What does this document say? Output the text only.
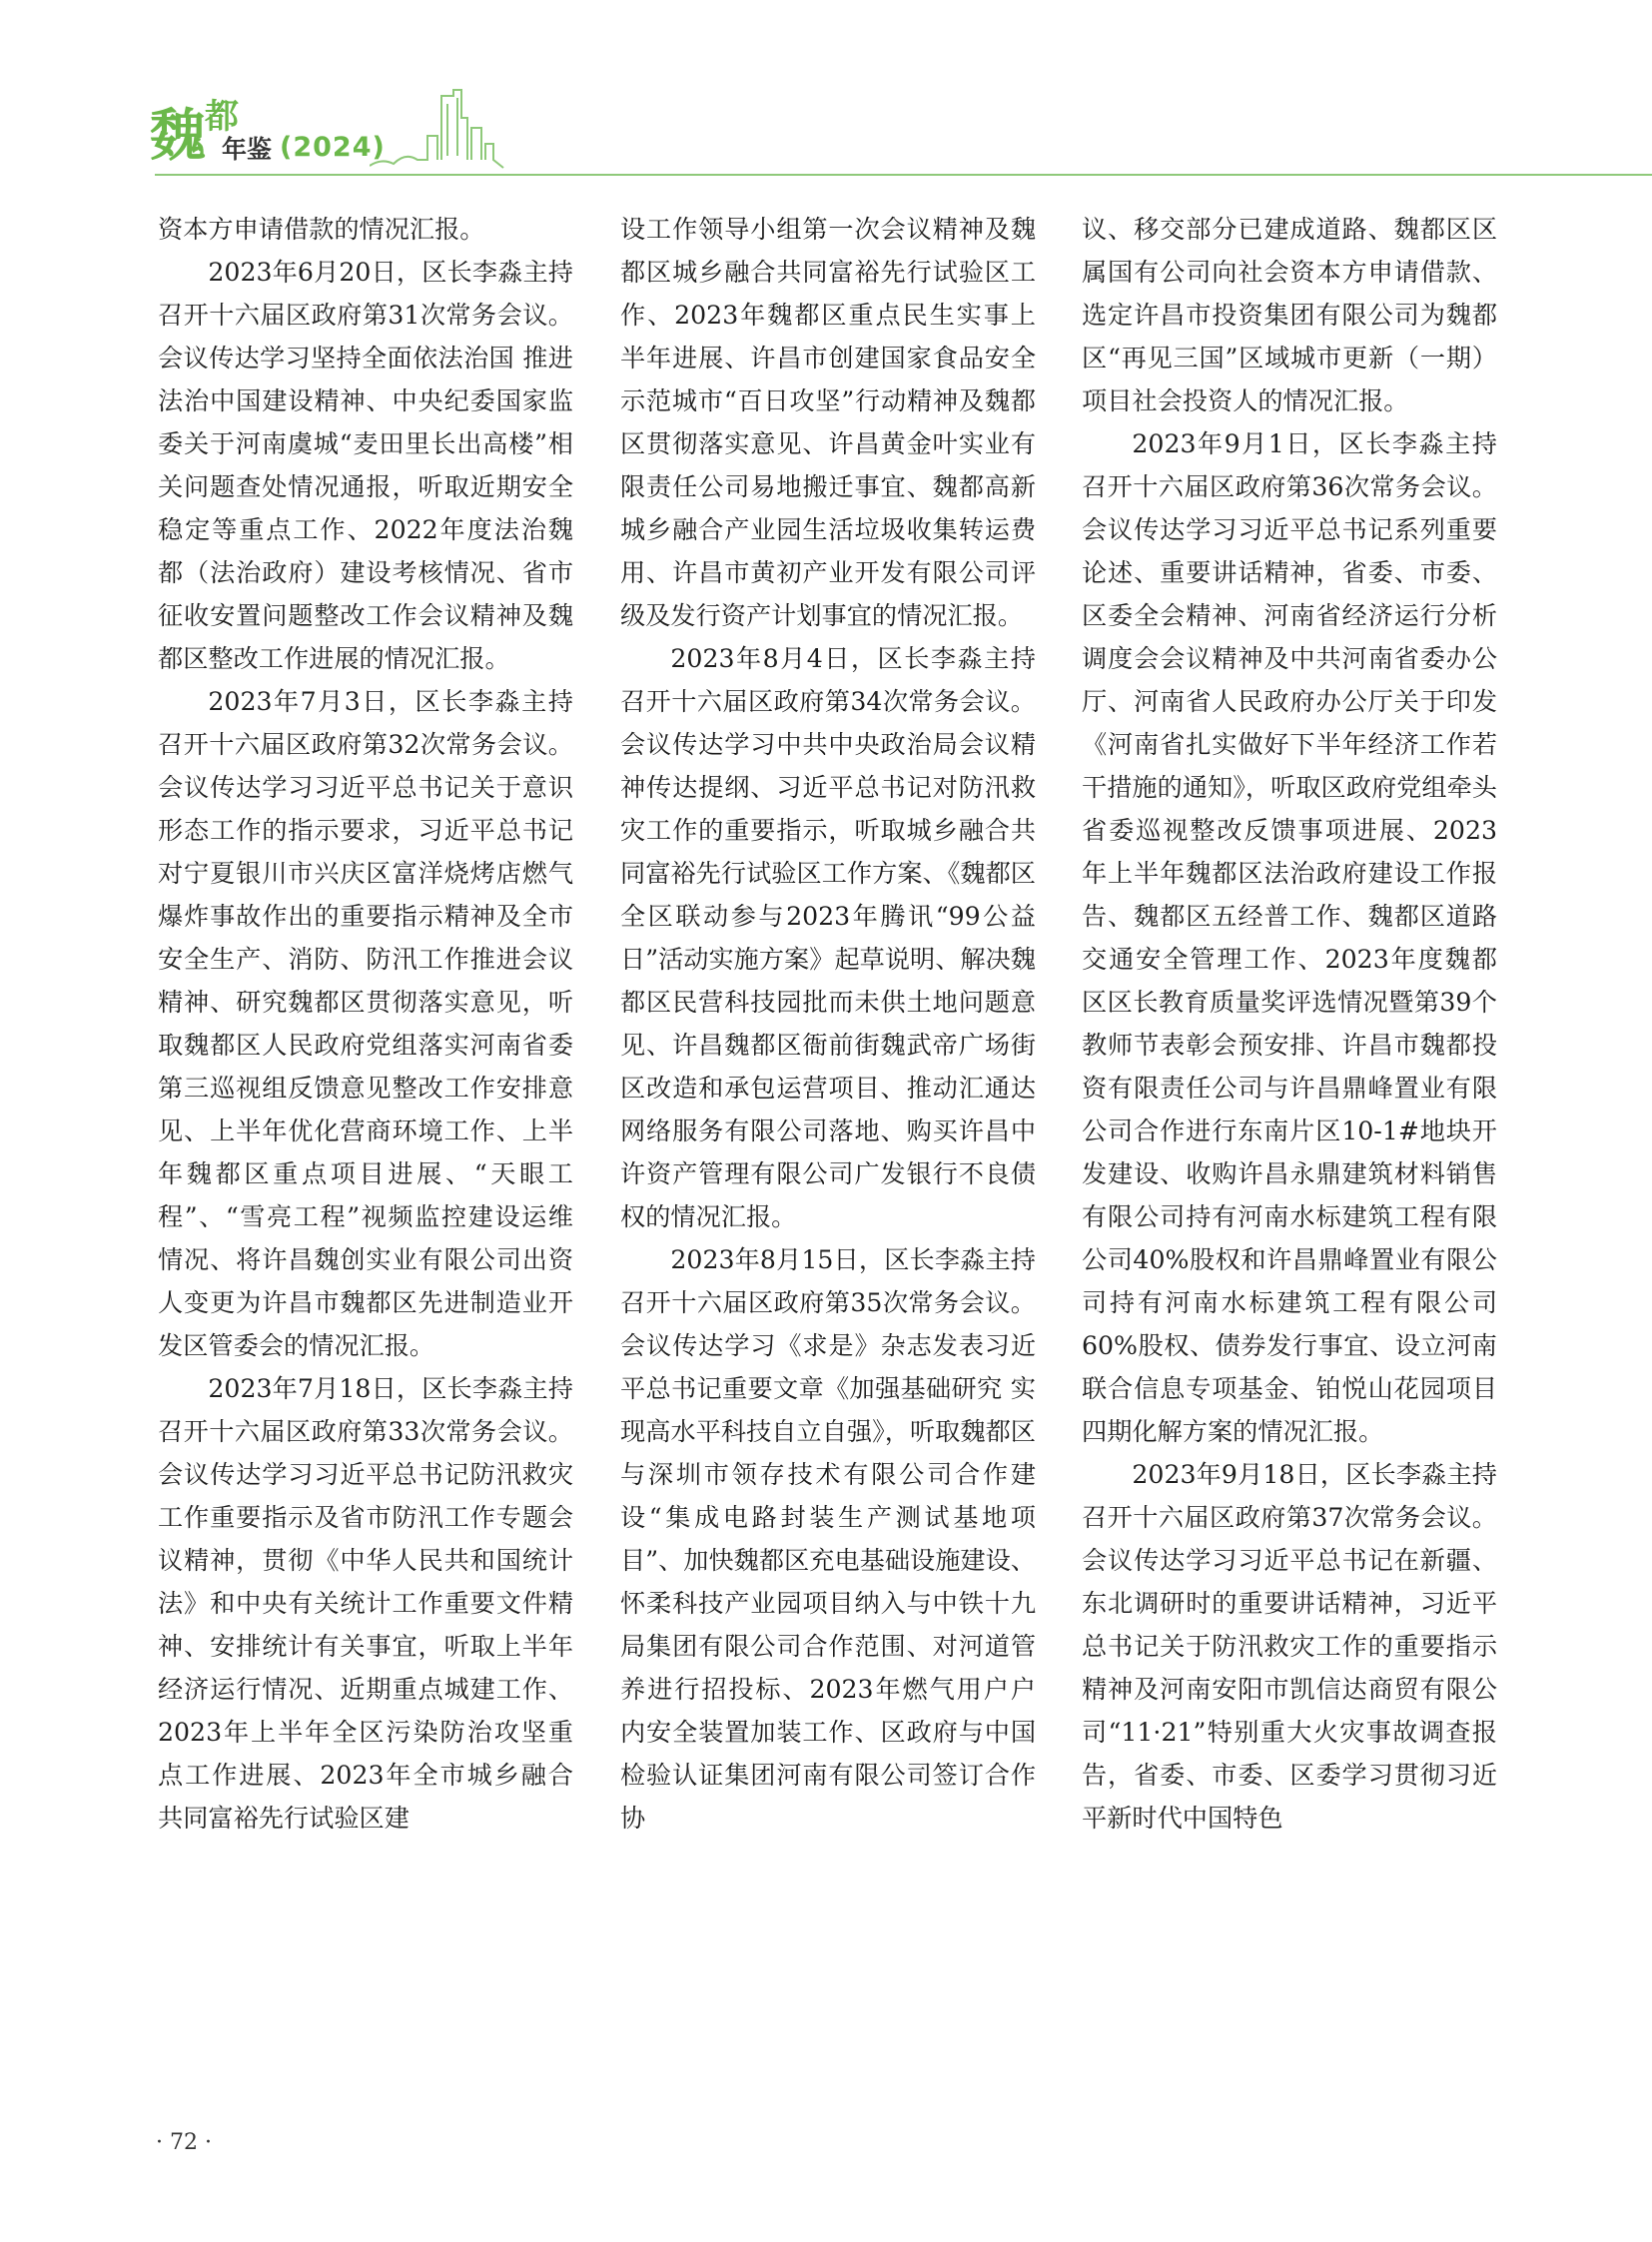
魏 都
年鉴 (2024)

资本方申请借款的情况汇报。

2023年6月20日，区长李淼主持召开十六届区政府第31次常务会议。会议传达学习坚持全面依法治国 推进法治中国建设精神、中央纪委国家监委关于河南虞城“麦田里长出高楼”相关问题查处情况通报，听取近期安全稳定等重点工作、2022年度法治魏都（法治政府）建设考核情况、省市征收安置问题整改工作会议精神及魏都区整改工作进展的情况汇报。

2023年7月3日，区长李淼主持召开十六届区政府第32次常务会议。会议传达学习习近平总书记关于意识形态工作的指示要求，习近平总书记对宁夏银川市兴庆区富洋烧烤店燃气爆炸事故作出的重要指示精神及全市安全生产、消防、防汛工作推进会议精神、研究魏都区贯彻落实意见，听取魏都区人民政府党组落实河南省委第三巡视组反馈意见整改工作安排意见、上半年优化营商环境工作、上半年魏都区重点项目进展、“天眼工程”、“雪亮工程”视频监控建设运维情况、将许昌魏创实业有限公司出资人变更为许昌市魏都区先进制造业开发区管委会的情况汇报。

2023年7月18日，区长李淼主持召开十六届区政府第33次常务会议。会议传达学习习近平总书记防汛救灾工作重要指示及省市防汛工作专题会议精神，贯彻《中华人民共和国统计法》和中央有关统计工作重要文件精神、安排统计有关事宜，听取上半年经济运行情况、近期重点城建工作、2023年上半年全区污染防治攻坚重点工作进展、2023年全市城乡融合共同富裕先行试验区建

设工作领导小组第一次会议精神及魏都区城乡融合共同富裕先行试验区工作、2023年魏都区重点民生实事上半年进展、许昌市创建国家食品安全示范城市“百日攻坚”行动精神及魏都区贯彻落实意见、许昌黄金叶实业有限责任公司易地搬迁事宜、魏都高新城乡融合产业园生活垃圾收集转运费用、许昌市黄初产业开发有限公司评级及发行资产计划事宜的情况汇报。

2023年8月4日，区长李淼主持召开十六届区政府第34次常务会议。会议传达学习中共中央政治局会议精神传达提纲、习近平总书记对防汛救灾工作的重要指示，听取城乡融合共同富裕先行试验区工作方案、《魏都区全区联动参与2023年腾讯“99公益日”活动实施方案》起草说明、解决魏都区民营科技园批而未供土地问题意见、许昌魏都区衙前街魏武帝广场街区改造和承包运营项目、推动汇通达网络服务有限公司落地、购买许昌中许资产管理有限公司广发银行不良债权的情况汇报。

2023年8月15日，区长李淼主持召开十六届区政府第35次常务会议。会议传达学习《求是》杂志发表习近平总书记重要文章《加强基础研究 实现高水平科技自立自强》，听取魏都区与深圳市领存技术有限公司合作建设“集成电路封装生产测试基地项目”、加快魏都区充电基础设施建设、怀柔科技产业园项目纳入与中铁十九局集团有限公司合作范围、对河道管养进行招投标、2023年燃气用户户内安全装置加装工作、区政府与中国检验认证集团河南有限公司签订合作协

议、移交部分已建成道路、魏都区区属国有公司向社会资本方申请借款、选定许昌市投资集团有限公司为魏都区“再见三国”区域城市更新（一期）项目社会投资人的情况汇报。

2023年9月1日，区长李淼主持召开十六届区政府第36次常务会议。会议传达学习习近平总书记系列重要论述、重要讲话精神，省委、市委、区委全会精神、河南省经济运行分析调度会会议精神及中共河南省委办公厅、河南省人民政府办公厅关于印发《河南省扎实做好下半年经济工作若干措施的通知》，听取区政府党组牵头省委巡视整改反馈事项进展、2023年上半年魏都区法治政府建设工作报告、魏都区五经普工作、魏都区道路交通安全管理工作、2023年度魏都区区长教育质量奖评选情况暨第39个教师节表彰会预安排、许昌市魏都投资有限责任公司与许昌鼎峰置业有限公司合作进行东南片区10-1#地块开发建设、收购许昌永鼎建筑材料销售有限公司持有河南水标建筑工程有限公司40%股权和许昌鼎峰置业有限公司持有河南水标建筑工程有限公司60%股权、债券发行事宜、设立河南联合信息专项基金、铂悦山花园项目四期化解方案的情况汇报。

2023年9月18日，区长李淼主持召开十六届区政府第37次常务会议。会议传达学习习近平总书记在新疆、东北调研时的重要讲话精神，习近平总书记关于防汛救灾工作的重要指示精神及河南安阳市凯信达商贸有限公司“11·21”特别重大火灾事故调查报告，省委、市委、区委学习贯彻习近平新时代中国特色

· 72 ·
